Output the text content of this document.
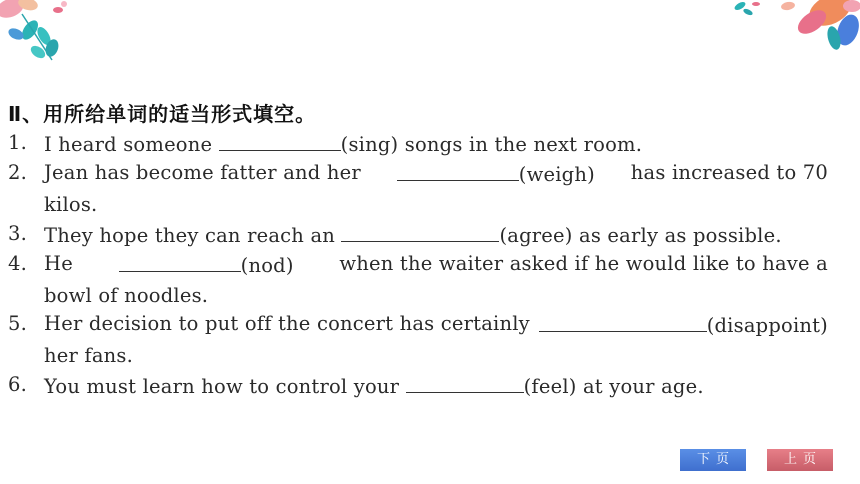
Ⅱ、用所给单词的适当形式填空。
1. I heard someone	(sing) songs in the next room.
2. Jean has become fatter and her	(weigh) has increased to 70
kilos.
3. They hope they can reach an	(agree) as early as possible.
4. He	(nod) when the waiter asked if he would like to have a
bowl of noodles.
5. Her decision to put off the concert has certainly	(disappoint)
her fans.
6. You must learn how to control your	(feel) at your age.
下页	上页
